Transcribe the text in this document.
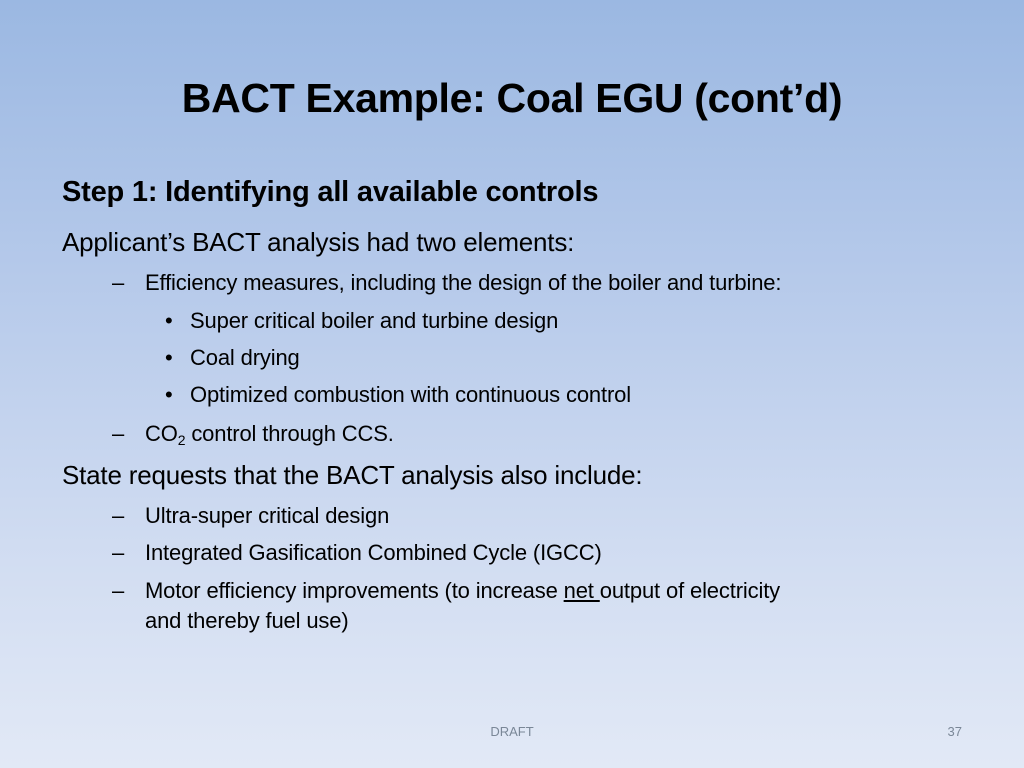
BACT Example: Coal EGU (cont’d)
Step 1: Identifying all available controls
Applicant’s BACT analysis had two elements:
– Efficiency measures, including the design of the boiler and turbine:
• Super critical boiler and turbine design
• Coal drying
• Optimized combustion with continuous control
– $CO_2$ control through CCS.
State requests that the BACT analysis also include:
– Ultra-super critical design
– Integrated Gasification Combined Cycle (IGCC)
– Motor efficiency improvements (to increase net output of electricity
and thereby fuel use)
DRAFT	37
